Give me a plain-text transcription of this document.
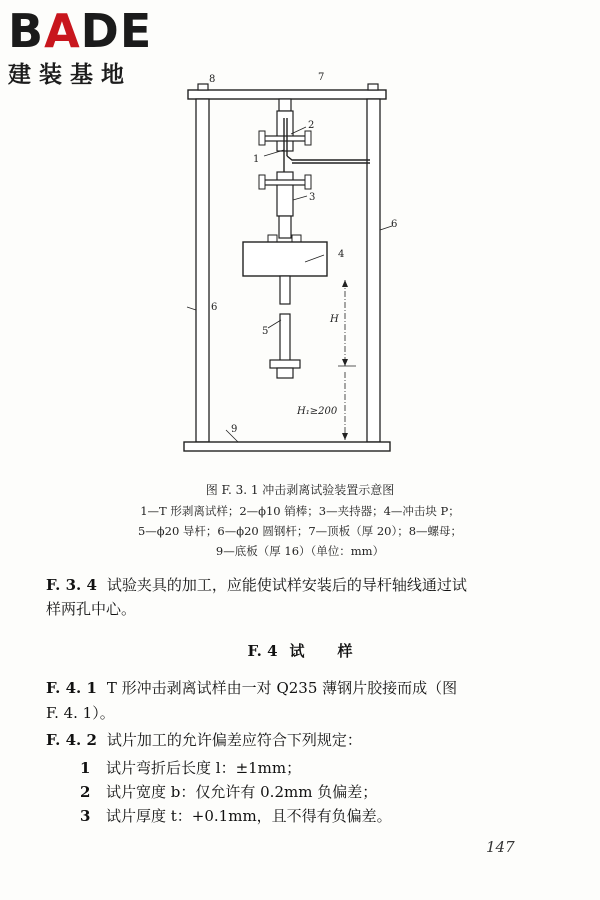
BADE
建装基地
1
2
3
4
5
6
6
7
8
9
H
H₁≥200
图 F. 3. 1 冲击剥离试验装置示意图
1—T 形剥离试样；2—ϕ10 销棒；3—夹持器；4—冲击块 P；
5—ϕ20 导杆；6—ϕ20 圆钢杆；7—顶板（厚 20）；8—螺母；
9—底板（厚 16）（单位：mm）
F. 3. 4 试验夹具的加工，应能使试样安装后的导杆轴线通过试
样两孔中心。
F. 4 试 样
F. 4. 1 T 形冲击剥离试样由一对 Q235 薄钢片胶接而成（图
F. 4. 1）。
F. 4. 2 试片加工的允许偏差应符合下列规定：
1 试片弯折后长度 l：±1mm；
2 试片宽度 b：仅允许有 0.2mm 负偏差；
3 试片厚度 t：+0.1mm，且不得有负偏差。
147
